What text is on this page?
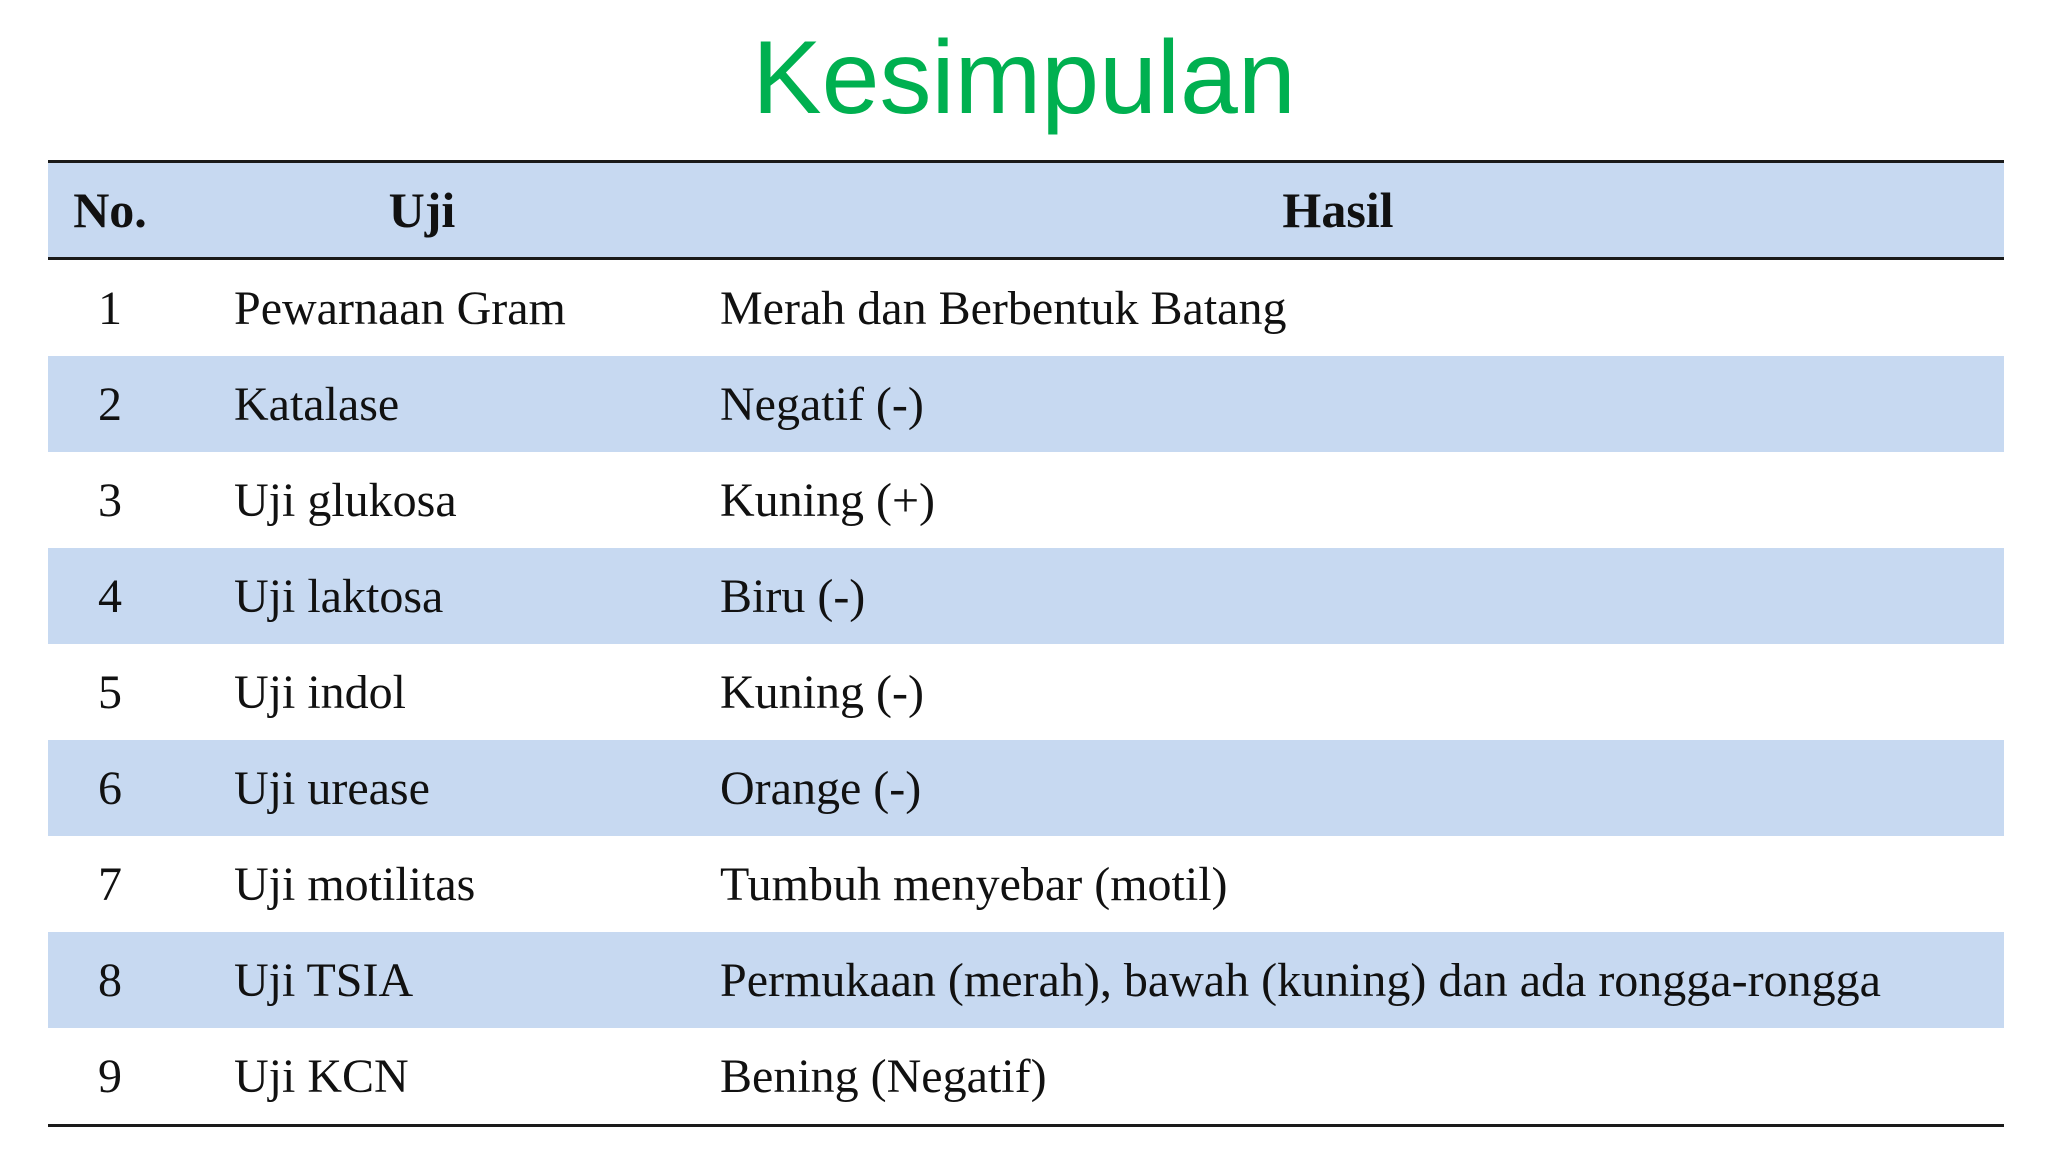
Kesimpulan
No.	Uji	Hasil
1	Pewarnaan Gram	Merah dan Berbentuk Batang
2	Katalase	Negatif (-)
3	Uji glukosa	Kuning (+)
4	Uji laktosa	Biru (-)
5	Uji indol	Kuning (-)
6	Uji urease	Orange (-)
7	Uji motilitas	Tumbuh menyebar (motil)
8	Uji TSIA	Permukaan (merah), bawah (kuning) dan ada rongga-rongga
9	Uji KCN	Bening (Negatif)
